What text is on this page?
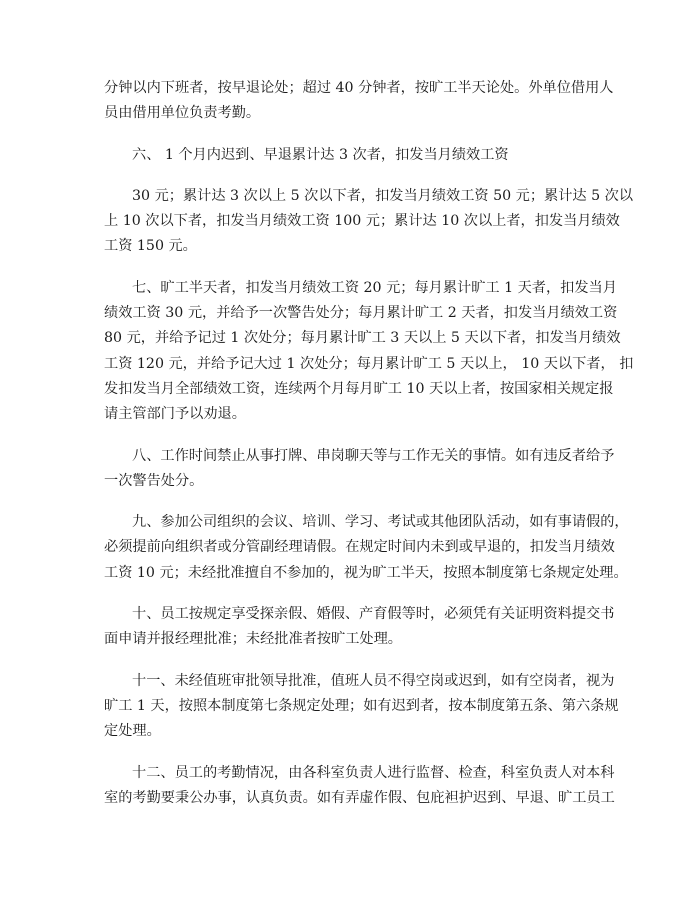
分钟以内下班者，按早退论处；超过 40 分钟者，按旷工半天论处。外单位借用人
员由借用单位负责考勤。
六、 1 个月内迟到、早退累计达 3 次者，扣发当月绩效工资
30 元；累计达 3 次以上 5 次以下者，扣发当月绩效工资 50 元；累计达 5 次以
上 10 次以下者，扣发当月绩效工资 100 元；累计达 10 次以上者，扣发当月绩效
工资 150 元。
七、旷工半天者，扣发当月绩效工资 20 元；每月累计旷工 1 天者，扣发当月
绩效工资 30 元，并给予一次警告处分；每月累计旷工 2 天者，扣发当月绩效工资
80 元，并给予记过 1 次处分；每月累计旷工 3 天以上 5 天以下者，扣发当月绩效
工资 120 元，并给予记大过 1 次处分；每月累计旷工 5 天以上， 10 天以下者， 扣
发扣发当月全部绩效工资，连续两个月每月旷工 10 天以上者，按国家相关规定报
请主管部门予以劝退。
八、工作时间禁止从事打牌、串岗聊天等与工作无关的事情。如有违反者给予
一次警告处分。
九、参加公司组织的会议、培训、学习、考试或其他团队活动，如有事请假的，
必须提前向组织者或分管副经理请假。在规定时间内未到或早退的，扣发当月绩效
工资 10 元；未经批准擅自不参加的，视为旷工半天，按照本制度第七条规定处理。
十、员工按规定享受探亲假、婚假、产育假等时，必须凭有关证明资料提交书
面申请并报经理批准；未经批准者按旷工处理。
十一、未经值班审批领导批准，值班人员不得空岗或迟到，如有空岗者，视为
旷工 1 天，按照本制度第七条规定处理；如有迟到者，按本制度第五条、第六条规
定处理。
十二、员工的考勤情况，由各科室负责人进行监督、检查，科室负责人对本科
室的考勤要秉公办事，认真负责。如有弄虚作假、包庇袒护迟到、早退、旷工员工
